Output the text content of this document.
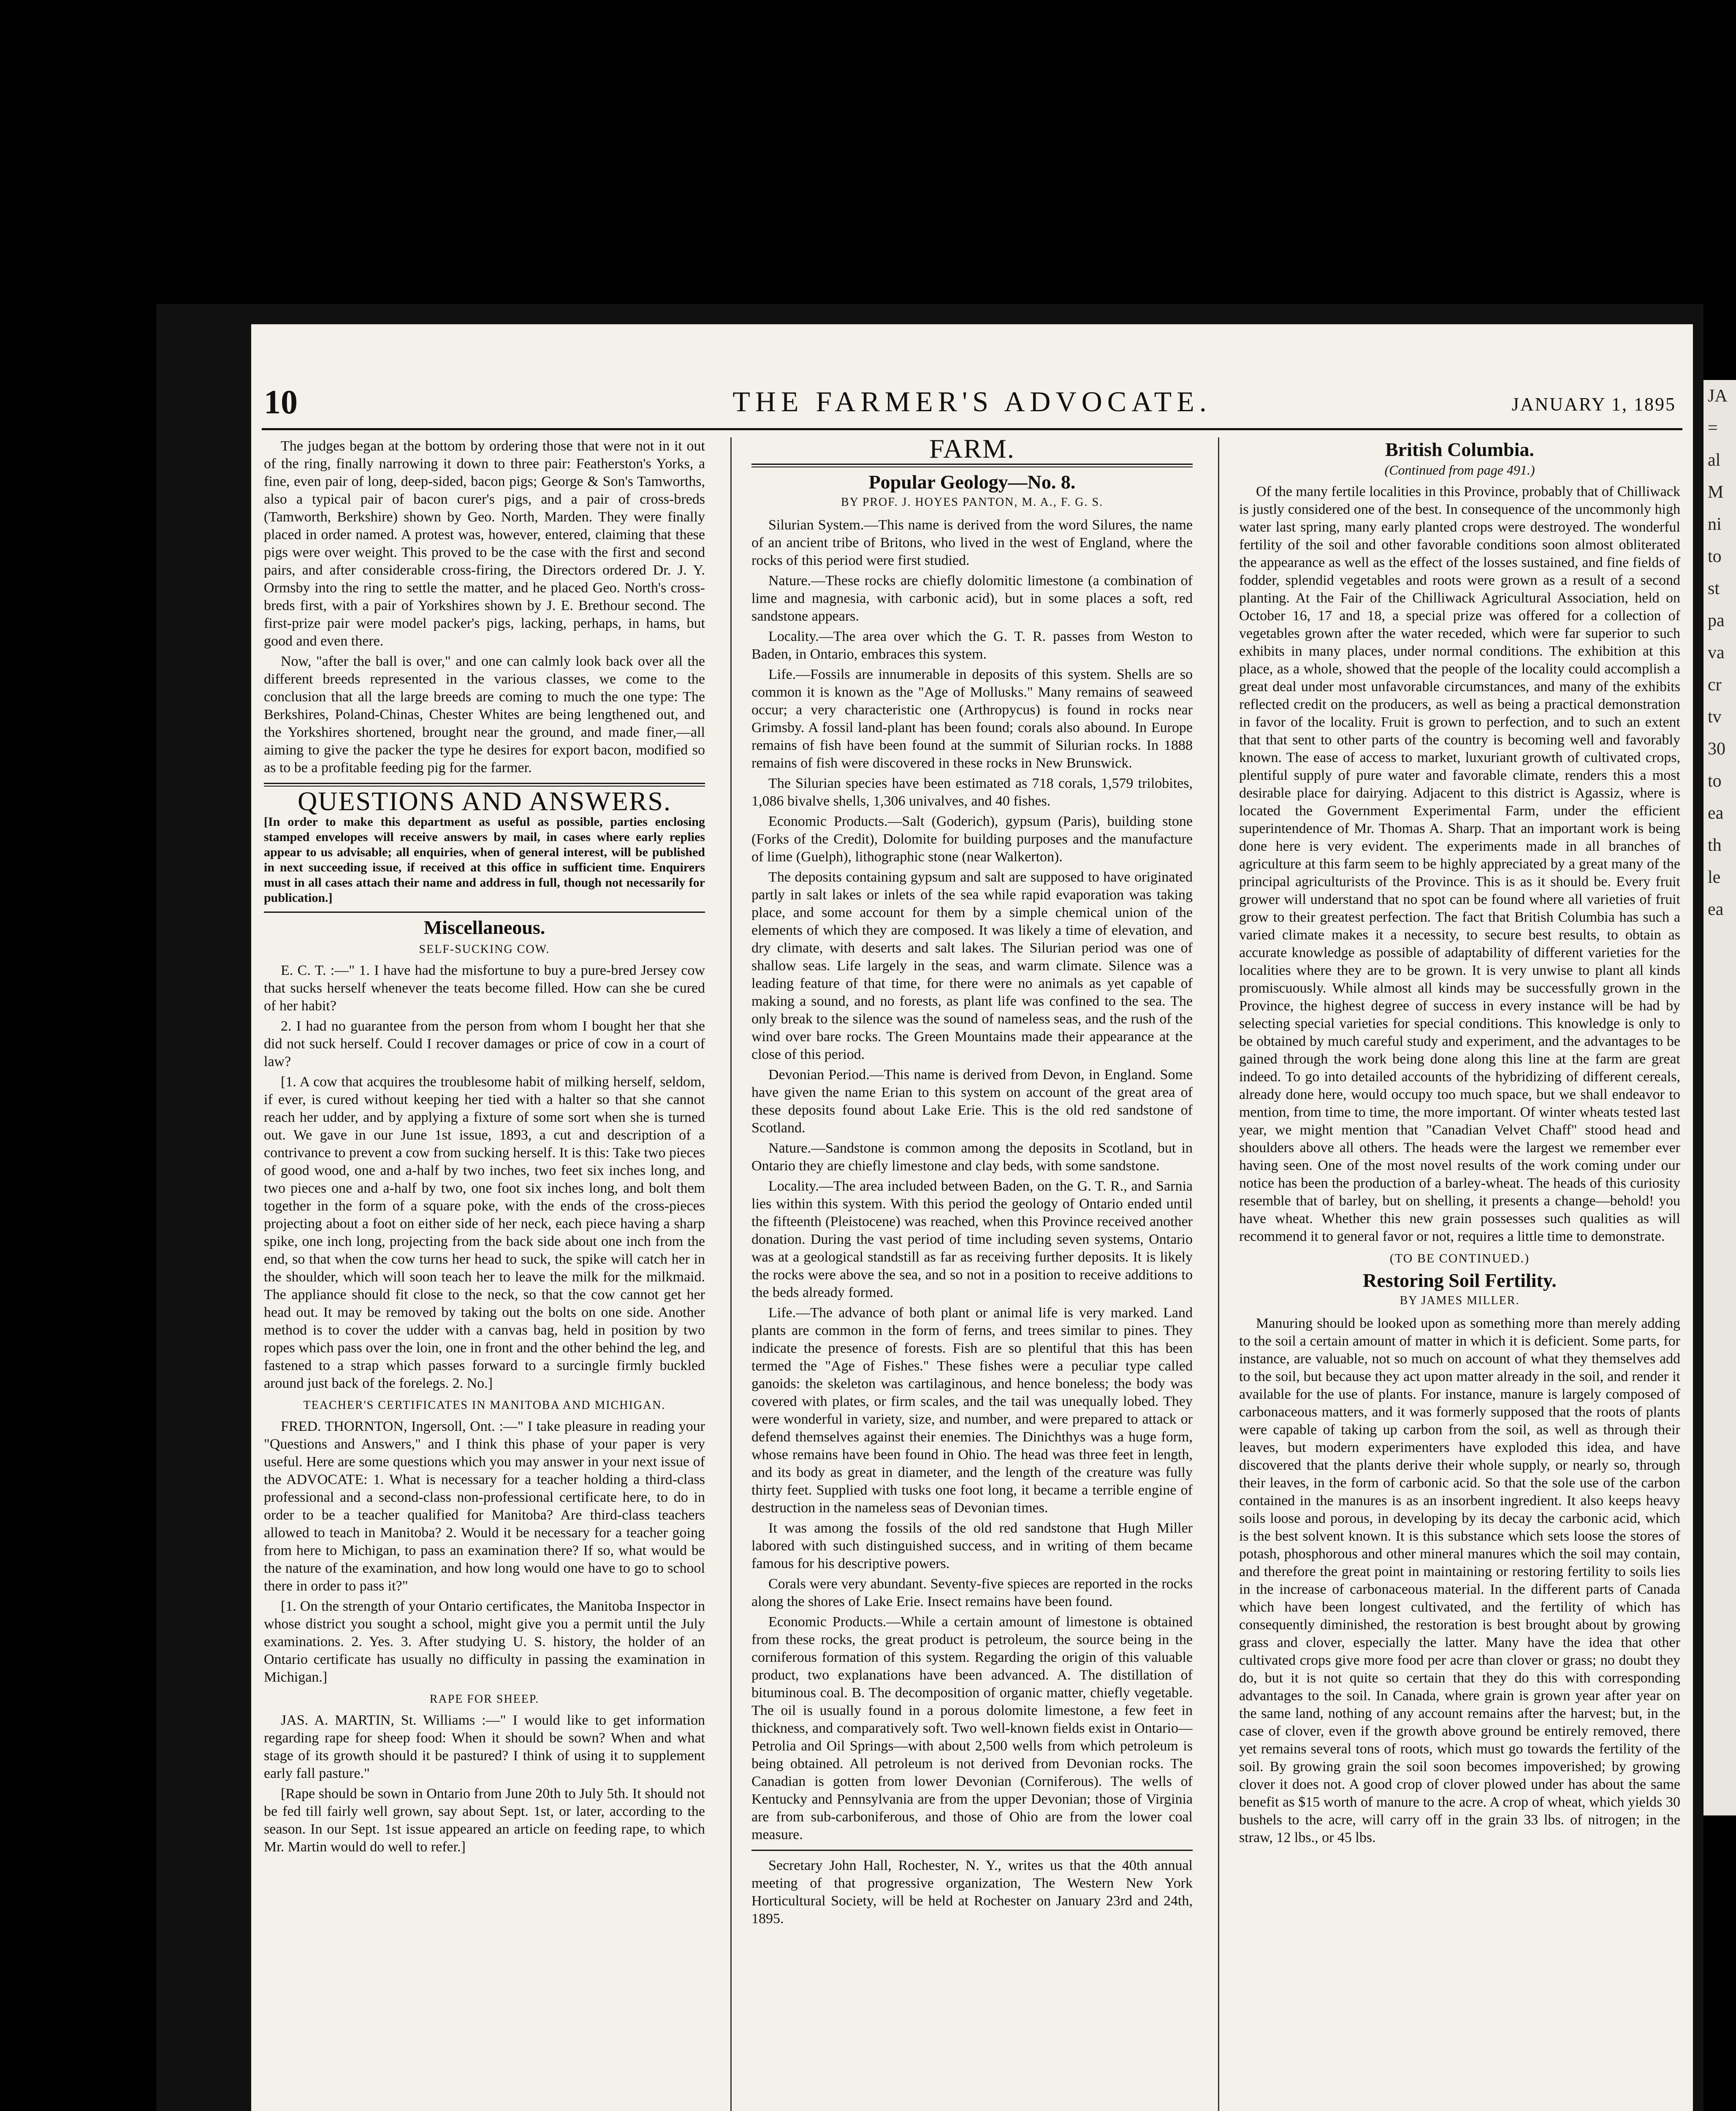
10	THE FARMER'S ADVOCATE.	JANUARY 1, 1895

The judges began at the bottom by ordering those that were not in it out of the ring, finally narrowing it down to three pair: Featherston's Yorks, a fine, even pair of long, deep-sided, bacon pigs; George & Son's Tamworths, also a typical pair of bacon curer's pigs, and a pair of cross-breds (Tamworth, Berkshire) shown by Geo. North, Marden. They were finally placed in order named. A protest was, however, entered, claiming that these pigs were over weight. This proved to be the case with the first and second pairs, and after considerable cross-firing, the Directors ordered Dr. J. Y. Ormsby into the ring to settle the matter, and he placed Geo. North's cross-breds first, with a pair of Yorkshires shown by J. E. Brethour second. The first-prize pair were model packer's pigs, lacking, perhaps, in hams, but good and even there.

Now, "after the ball is over," and one can calmly look back over all the different breeds represented in the various classes, we come to the conclusion that all the large breeds are coming to much the one type: The Berkshires, Poland-Chinas, Chester Whites are being lengthened out, and the Yorkshires shortened, brought near the ground, and made finer,—all aiming to give the packer the type he desires for export bacon, modified so as to be a profitable feeding pig for the farmer.

QUESTIONS AND ANSWERS.

[In order to make this department as useful as possible, parties enclosing stamped envelopes will receive answers by mail, in cases where early replies appear to us advisable; all enquiries, when of general interest, will be published in next succeeding issue, if received at this office in sufficient time. Enquirers must in all cases attach their name and address in full, though not necessarily for publication.]

Miscellaneous.

SELF-SUCKING COW.

E. C. T. :—" 1. I have had the misfortune to buy a pure-bred Jersey cow that sucks herself whenever the teats become filled. How can she be cured of her habit?

2. I had no guarantee from the person from whom I bought her that she did not suck herself. Could I recover damages or price of cow in a court of law?

[1. A cow that acquires the troublesome habit of milking herself, seldom, if ever, is cured without keeping her tied with a halter so that she cannot reach her udder, and by applying a fixture of some sort when she is turned out. We gave in our June 1st issue, 1893, a cut and description of a contrivance to prevent a cow from sucking herself. It is this: Take two pieces of good wood, one and a-half by two inches, two feet six inches long, and two pieces one and a-half by two, one foot six inches long, and bolt them together in the form of a square poke, with the ends of the cross-pieces projecting about a foot on either side of her neck, each piece having a sharp spike, one inch long, projecting from the back side about one inch from the end, so that when the cow turns her head to suck, the spike will catch her in the shoulder, which will soon teach her to leave the milk for the milkmaid. The appliance should fit close to the neck, so that the cow cannot get her head out. It may be removed by taking out the bolts on one side. Another method is to cover the udder with a canvas bag, held in position by two ropes which pass over the loin, one in front and the other behind the leg, and fastened to a strap which passes forward to a surcingle firmly buckled around just back of the forelegs. 2. No.]

TEACHER'S CERTIFICATES IN MANITOBA AND MICHIGAN.

FRED. THORNTON, Ingersoll, Ont. :—" I take pleasure in reading your "Questions and Answers," and I think this phase of your paper is very useful. Here are some questions which you may answer in your next issue of the ADVOCATE: 1. What is necessary for a teacher holding a third-class professional and a second-class non-professional certificate here, to do in order to be a teacher qualified for Manitoba? Are third-class teachers allowed to teach in Manitoba? 2. Would it be necessary for a teacher going from here to Michigan, to pass an examination there? If so, what would be the nature of the examination, and how long would one have to go to school there in order to pass it?"

[1. On the strength of your Ontario certificates, the Manitoba Inspector in whose district you sought a school, might give you a permit until the July examinations. 2. Yes. 3. After studying U. S. history, the holder of an Ontario certificate has usually no difficulty in passing the examination in Michigan.]

RAPE FOR SHEEP.

JAS. A. MARTIN, St. Williams :—" I would like to get information regarding rape for sheep food: When it should be sown? When and what stage of its growth should it be pastured? I think of using it to supplement early fall pasture."

[Rape should be sown in Ontario from June 20th to July 5th. It should not be fed till fairly well grown, say about Sept. 1st, or later, according to the season. In our Sept. 1st issue appeared an article on feeding rape, to which Mr. Martin would do well to refer.]

FARM.
Popular Geology—No. 8.
BY PROF. J. HOYES PANTON, M. A., F. G. S.

Silurian System.—This name is derived from the word Silures, the name of an ancient tribe of Britons, who lived in the west of England, where the rocks of this period were first studied.

Nature.—These rocks are chiefly dolomitic limestone (a combination of lime and magnesia, with carbonic acid), but in some places a soft, red sandstone appears.

Locality.—The area over which the G. T. R. passes from Weston to Baden, in Ontario, embraces this system.

Life.—Fossils are innumerable in deposits of this system. Shells are so common it is known as the "Age of Mollusks." Many remains of seaweed occur; a very characteristic one (Arthropycus) is found in rocks near Grimsby. A fossil land-plant has been found; corals also abound. In Europe remains of fish have been found at the summit of Silurian rocks. In 1888 remains of fish were discovered in these rocks in New Brunswick.

The Silurian species have been estimated as 718 corals, 1,579 trilobites, 1,086 bivalve shells, 1,306 univalves, and 40 fishes.

Economic Products.—Salt (Goderich), gypsum (Paris), building stone (Forks of the Credit), Dolomite for building purposes and the manufacture of lime (Guelph), lithographic stone (near Walkerton).

The deposits containing gypsum and salt are supposed to have originated partly in salt lakes or inlets of the sea while rapid evaporation was taking place, and some account for them by a simple chemical union of the elements of which they are composed. It was likely a time of elevation, and dry climate, with deserts and salt lakes. The Silurian period was one of shallow seas. Life largely in the seas, and warm climate. Silence was a leading feature of that time, for there were no animals as yet capable of making a sound, and no forests, as plant life was confined to the sea. The only break to the silence was the sound of nameless seas, and the rush of the wind over bare rocks. The Green Mountains made their appearance at the close of this period.

Devonian Period.—This name is derived from Devon, in England. Some have given the name Erian to this system on account of the great area of these deposits found about Lake Erie. This is the old red sandstone of Scotland.

Nature.—Sandstone is common among the deposits in Scotland, but in Ontario they are chiefly limestone and clay beds, with some sandstone.

Locality.—The area included between Baden, on the G. T. R., and Sarnia lies within this system. With this period the geology of Ontario ended until the fifteenth (Pleistocene) was reached, when this Province received another donation. During the vast period of time including seven systems, Ontario was at a geological standstill as far as receiving further deposits. It is likely the rocks were above the sea, and so not in a position to receive additions to the beds already formed.

Life.—The advance of both plant or animal life is very marked. Land plants are common in the form of ferns, and trees similar to pines. They indicate the presence of forests. Fish are so plentiful that this has been termed the "Age of Fishes." These fishes were a peculiar type called ganoids: the skeleton was cartilaginous, and hence boneless; the body was covered with plates, or firm scales, and the tail was unequally lobed. They were wonderful in variety, size, and number, and were prepared to attack or defend themselves against their enemies. The Dinichthys was a huge form, whose remains have been found in Ohio. The head was three feet in length, and its body as great in diameter, and the length of the creature was fully thirty feet. Supplied with tusks one foot long, it became a terrible engine of destruction in the nameless seas of Devonian times.

It was among the fossils of the old red sandstone that Hugh Miller labored with such distinguished success, and in writing of them became famous for his descriptive powers.

Corals were very abundant. Seventy-five spieces are reported in the rocks along the shores of Lake Erie. Insect remains have been found.

Economic Products.—While a certain amount of limestone is obtained from these rocks, the great product is petroleum, the source being in the corniferous formation of this system. Regarding the origin of this valuable product, two explanations have been advanced. A. The distillation of bituminous coal. B. The decomposition of organic matter, chiefly vegetable. The oil is usually found in a porous dolomite limestone, a few feet in thickness, and comparatively soft. Two well-known fields exist in Ontario—Petrolia and Oil Springs—with about 2,500 wells from which petroleum is being obtained. All petroleum is not derived from Devonian rocks. The Canadian is gotten from lower Devonian (Corniferous). The wells of Kentucky and Pennsylvania are from the upper Devonian; those of Virginia are from sub-carboniferous, and those of Ohio are from the lower coal measure.

Secretary John Hall, Rochester, N. Y., writes us that the 40th annual meeting of that progressive organization, The Western New York Horticultural Society, will be held at Rochester on January 23rd and 24th, 1895.

British Columbia.
(Continued from page 491.)

Of the many fertile localities in this Province, probably that of Chilliwack is justly considered one of the best. In consequence of the uncommonly high water last spring, many early planted crops were destroyed. The wonderful fertility of the soil and other favorable conditions soon almost obliterated the appearance as well as the effect of the losses sustained, and fine fields of fodder, splendid vegetables and roots were grown as a result of a second planting. At the Fair of the Chilliwack Agricultural Association, held on October 16, 17 and 18, a special prize was offered for a collection of vegetables grown after the water receded, which were far superior to such exhibits in many places, under normal conditions. The exhibition at this place, as a whole, showed that the people of the locality could accomplish a great deal under most unfavorable circumstances, and many of the exhibits reflected credit on the producers, as well as being a practical demonstration in favor of the locality. Fruit is grown to perfection, and to such an extent that that sent to other parts of the country is becoming well and favorably known. The ease of access to market, luxuriant growth of cultivated crops, plentiful supply of pure water and favorable climate, renders this a most desirable place for dairying. Adjacent to this district is Agassiz, where is located the Government Experimental Farm, under the efficient superintendence of Mr. Thomas A. Sharp. That an important work is being done here is very evident. The experiments made in all branches of agriculture at this farm seem to be highly appreciated by a great many of the principal agriculturists of the Province. This is as it should be. Every fruit grower will understand that no spot can be found where all varieties of fruit grow to their greatest perfection. The fact that British Columbia has such a varied climate makes it a necessity, to secure best results, to obtain as accurate knowledge as possible of adaptability of different varieties for the localities where they are to be grown. It is very unwise to plant all kinds promiscuously. While almost all kinds may be successfully grown in the Province, the highest degree of success in every instance will be had by selecting special varieties for special conditions. This knowledge is only to be obtained by much careful study and experiment, and the advantages to be gained through the work being done along this line at the farm are great indeed. To go into detailed accounts of the hybridizing of different cereals, already done here, would occupy too much space, but we shall endeavor to mention, from time to time, the more important. Of winter wheats tested last year, we might mention that "Canadian Velvet Chaff" stood head and shoulders above all others. The heads were the largest we remember ever having seen. One of the most novel results of the work coming under our notice has been the production of a barley-wheat. The heads of this curiosity resemble that of barley, but on shelling, it presents a change—behold! you have wheat. Whether this new grain possesses such qualities as will recommend it to general favor or not, requires a little time to demonstrate.

(TO BE CONTINUED.)

Restoring Soil Fertility.
BY JAMES MILLER.

Manuring should be looked upon as something more than merely adding to the soil a certain amount of matter in which it is deficient. Some parts, for instance, are valuable, not so much on account of what they themselves add to the soil, but because they act upon matter already in the soil, and render it available for the use of plants. For instance, manure is largely composed of carbonaceous matters, and it was formerly supposed that the roots of plants were capable of taking up carbon from the soil, as well as through their leaves, but modern experimenters have exploded this idea, and have discovered that the plants derive their whole supply, or nearly so, through their leaves, in the form of carbonic acid. So that the sole use of the carbon contained in the manures is as an insorbent ingredient. It also keeps heavy soils loose and porous, in developing by its decay the carbonic acid, which is the best solvent known. It is this substance which sets loose the stores of potash, phosphorous and other mineral manures which the soil may contain, and therefore the great point in maintaining or restoring fertility to soils lies in the increase of carbonaceous material. In the different parts of Canada which have been longest cultivated, and the fertility of which has consequently diminished, the restoration is best brought about by growing grass and clover, especially the latter. Many have the idea that other cultivated crops give more food per acre than clover or grass; no doubt they do, but it is not quite so certain that they do this with corresponding advantages to the soil. In Canada, where grain is grown year after year on the same land, nothing of any account remains after the harvest; but, in the case of clover, even if the growth above ground be entirely removed, there yet remains several tons of roots, which must go towards the fertility of the soil. By growing grain the soil soon becomes impoverished; by growing clover it does not. A good crop of clover plowed under has about the same benefit as $15 worth of manure to the acre. A crop of wheat, which yields 30 bushels to the acre, will carry off in the grain 33 lbs. of nitrogen; in the straw, 12 lbs., or 45 lbs.

JA
=
al
M
ni
to
st
pa
va
cr
tv
30
to
ea
th
le
ea
